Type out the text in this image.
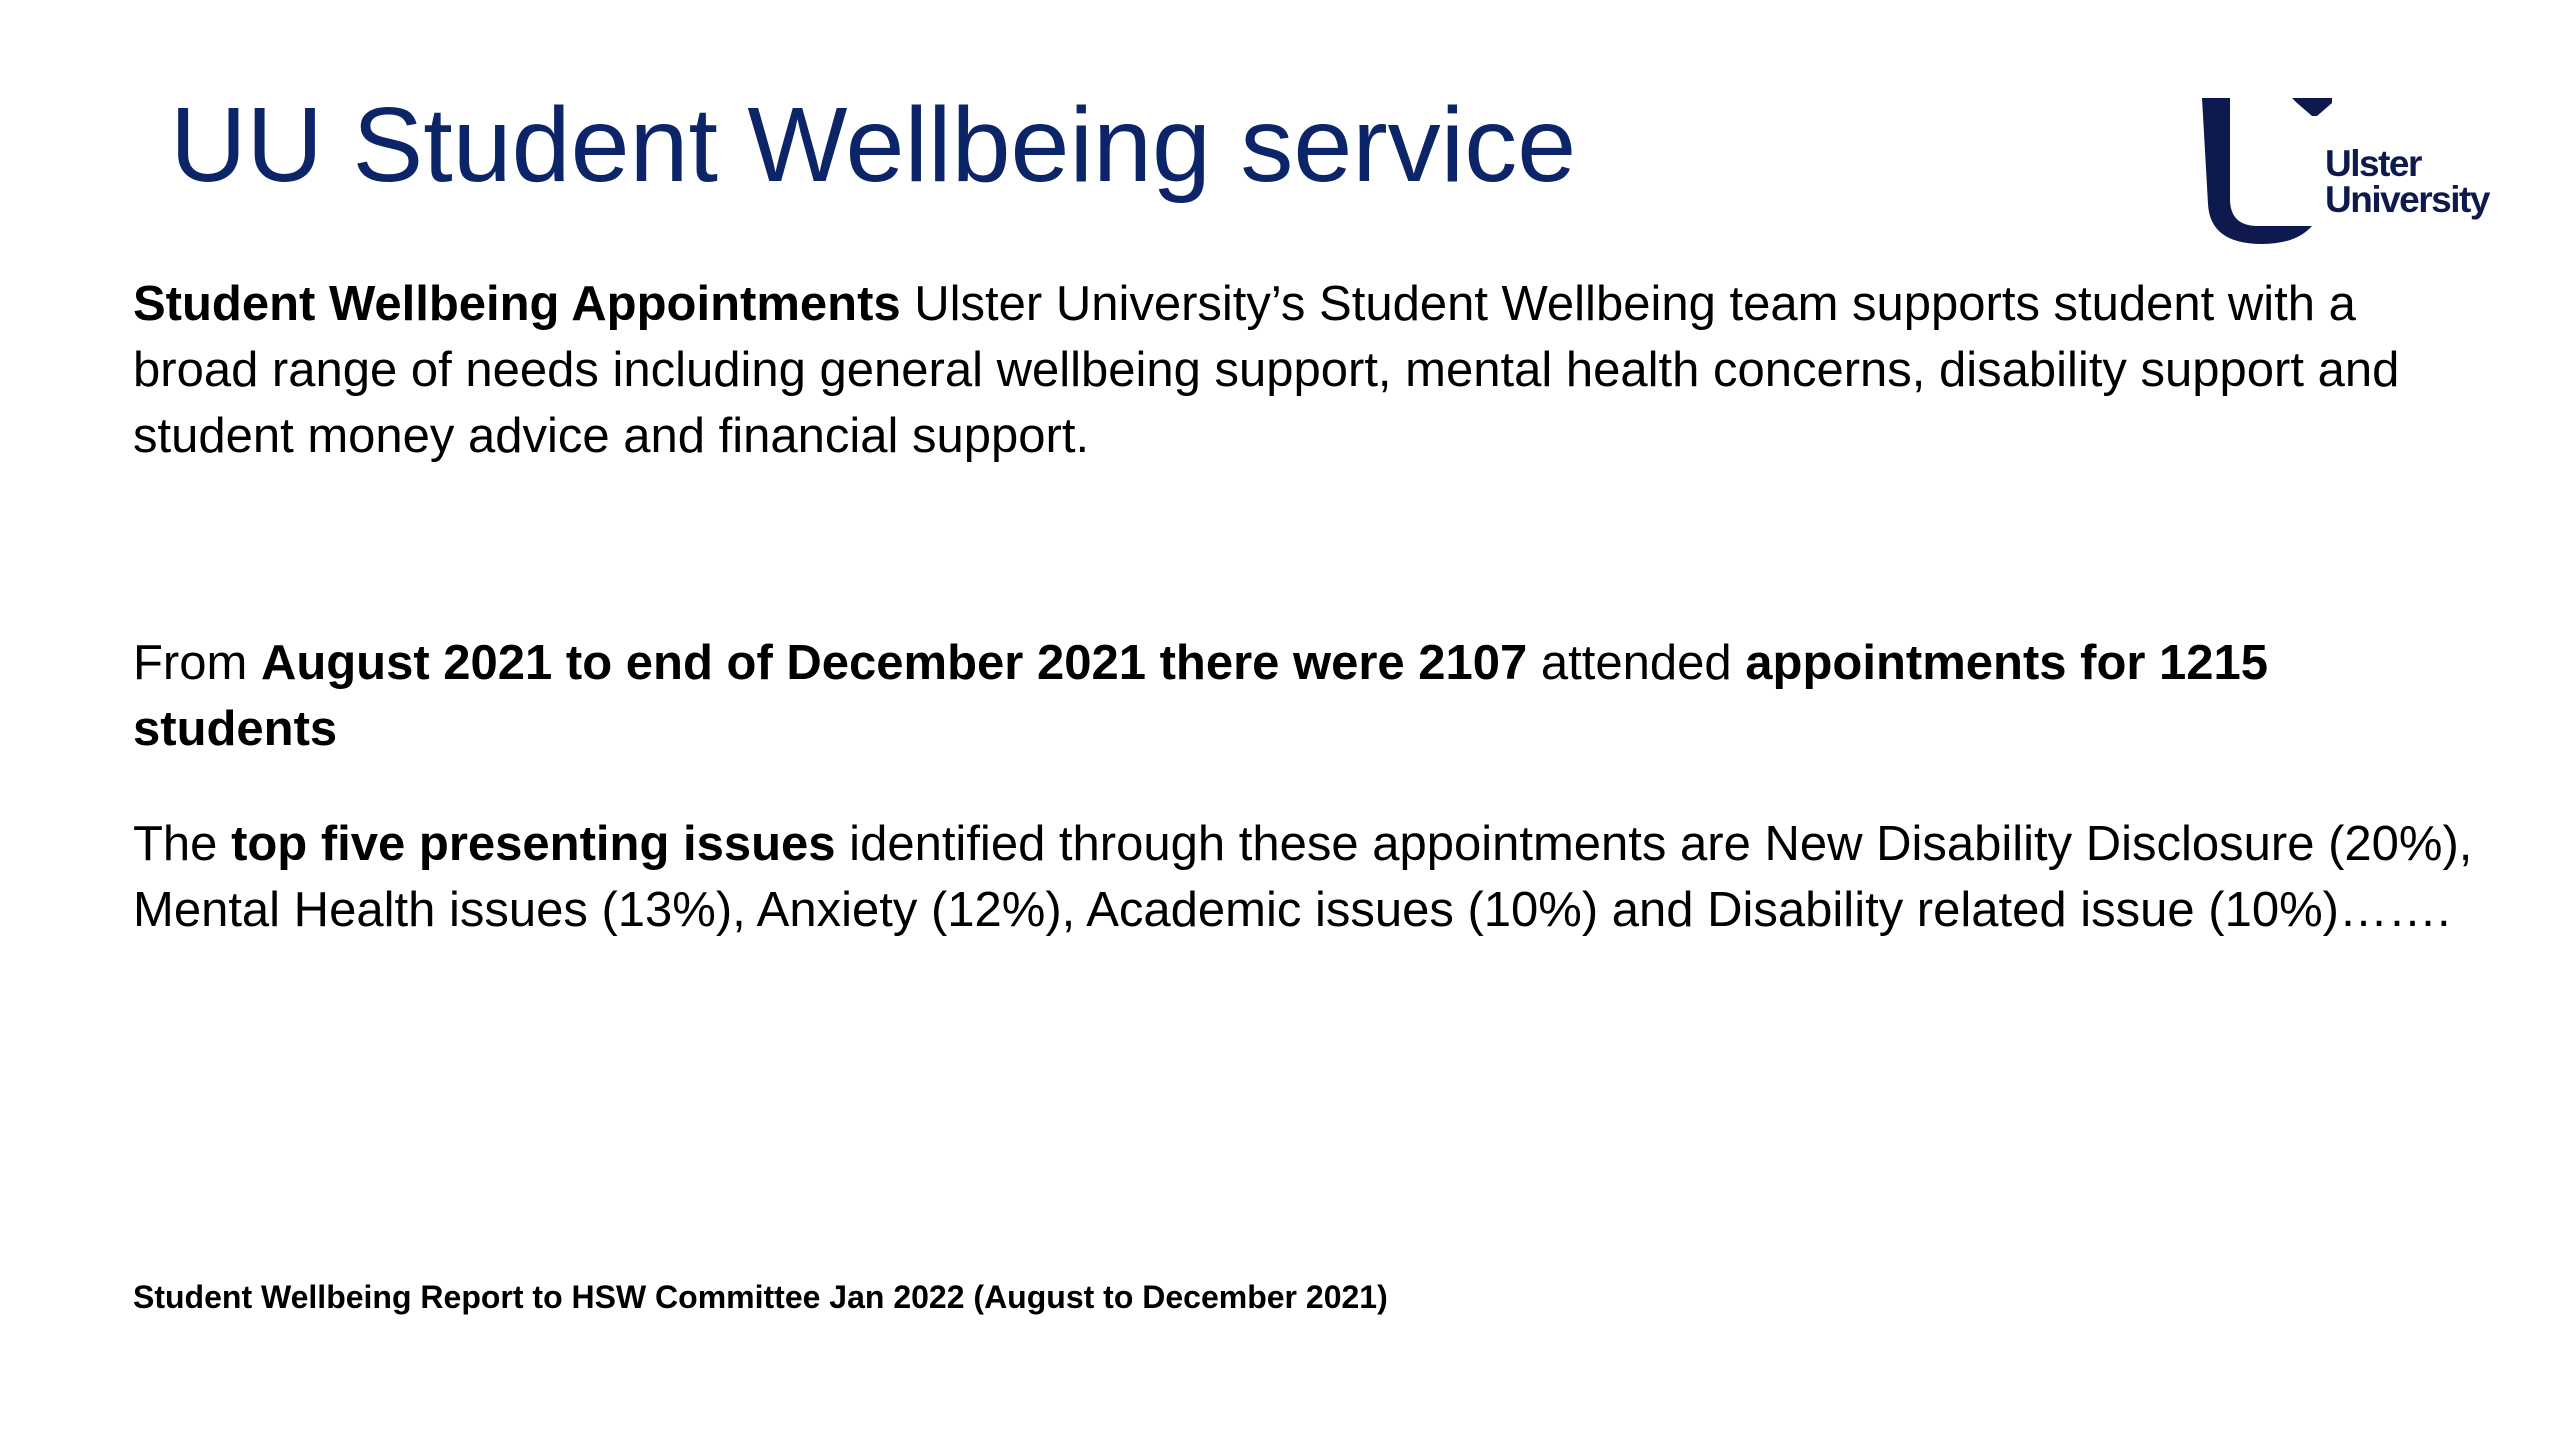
UU Student Wellbeing service	Ulster
University

Student Wellbeing Appointments Ulster University’s Student Wellbeing team supports student with a broad range of needs including general wellbeing support, mental health concerns, disability support and student money advice and financial support.

From August 2021 to end of December 2021 there were 2107 attended appointments for 1215 students

The top five presenting issues identified through these appointments are New Disability Disclosure (20%), Mental Health issues (13%), Anxiety (12%), Academic issues (10%) and Disability related issue (10%)…….

Student Wellbeing Report to HSW Committee Jan 2022 (August to December 2021)
